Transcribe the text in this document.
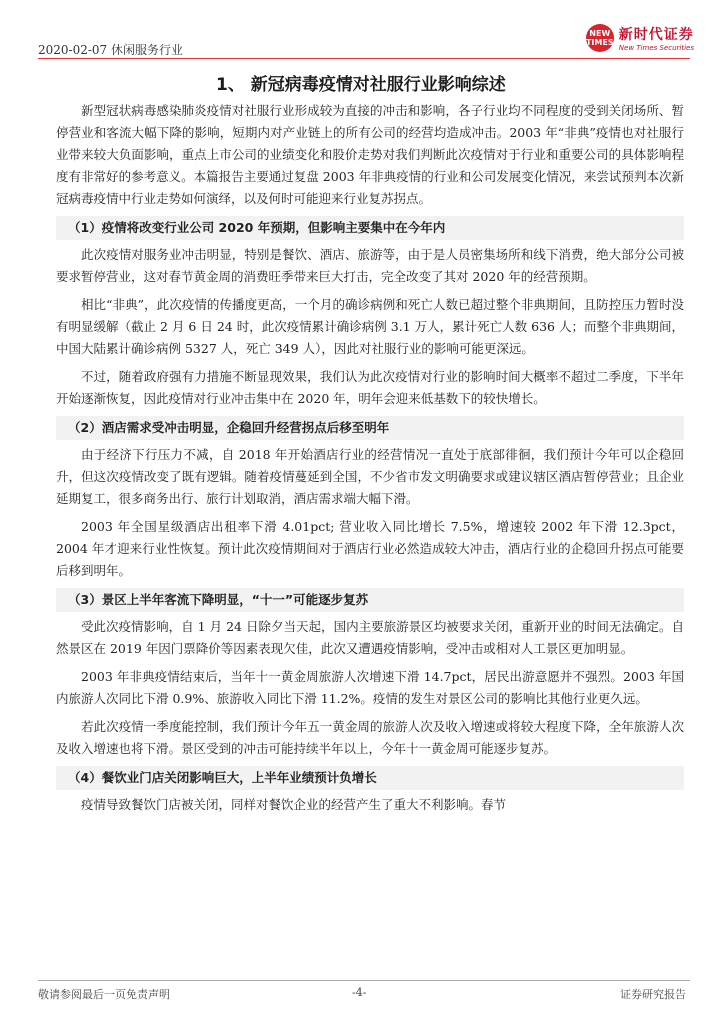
2020-02-07 休闲服务行业
NEW TIMES 新时代证券
New Times Securities
1、 新冠病毒疫情对社服行业影响综述

新型冠状病毒感染肺炎疫情对社服行业形成较为直接的冲击和影响，各子行业均不同程度的受到关闭场所、暂停营业和客流大幅下降的影响，短期内对产业链上的所有公司的经营均造成冲击。2003 年“非典”疫情也对社服行业带来较大负面影响，重点上市公司的业绩变化和股价走势对我们判断此次疫情对于行业和重要公司的具体影响程度有非常好的参考意义。本篇报告主要通过复盘 2003 年非典疫情的行业和公司发展变化情况，来尝试预判本次新冠病毒疫情中行业走势如何演绎，以及何时可能迎来行业复苏拐点。

（1）疫情将改变行业公司 2020 年预期，但影响主要集中在今年内

此次疫情对服务业冲击明显，特别是餐饮、酒店、旅游等，由于是人员密集场所和线下消费，绝大部分公司被要求暂停营业，这对春节黄金周的消费旺季带来巨大打击，完全改变了其对 2020 年的经营预期。

相比“非典”，此次疫情的传播度更高，一个月的确诊病例和死亡人数已超过整个非典期间，且防控压力暂时没有明显缓解（截止 2 月 6 日 24 时，此次疫情累计确诊病例 3.1 万人，累计死亡人数 636 人；而整个非典期间，中国大陆累计确诊病例 5327 人，死亡 349 人），因此对社服行业的影响可能更深远。

不过，随着政府强有力措施不断显现效果，我们认为此次疫情对行业的影响时间大概率不超过二季度，下半年开始逐渐恢复，因此疫情对行业冲击集中在 2020 年，明年会迎来低基数下的较快增长。

（2）酒店需求受冲击明显，企稳回升经营拐点后移至明年

由于经济下行压力不减，自 2018 年开始酒店行业的经营情况一直处于底部徘徊，我们预计今年可以企稳回升，但这次疫情改变了既有逻辑。随着疫情蔓延到全国，不少省市发文明确要求或建议辖区酒店暂停营业；且企业延期复工，很多商务出行、旅行计划取消，酒店需求端大幅下滑。

2003 年全国星级酒店出租率下滑 4.01pct; 营业收入同比增长 7.5%，增速较 2002 年下滑 12.3pct，2004 年才迎来行业性恢复。预计此次疫情期间对于酒店行业必然造成较大冲击，酒店行业的企稳回升拐点可能要后移到明年。

（3）景区上半年客流下降明显，“十一”可能逐步复苏

受此次疫情影响，自 1 月 24 日除夕当天起，国内主要旅游景区均被要求关闭，重新开业的时间无法确定。自然景区在 2019 年因门票降价等因素表现欠佳，此次又遭遇疫情影响，受冲击或相对人工景区更加明显。

2003 年非典疫情结束后，当年十一黄金周旅游人次增速下滑 14.7pct，居民出游意愿并不强烈。2003 年国内旅游人次同比下滑 0.9%、旅游收入同比下滑 11.2%。疫情的发生对景区公司的影响比其他行业更久远。

若此次疫情一季度能控制，我们预计今年五一黄金周的旅游人次及收入增速或将较大程度下降，全年旅游人次及收入增速也将下滑。景区受到的冲击可能持续半年以上，今年十一黄金周可能逐步复苏。

（4）餐饮业门店关闭影响巨大，上半年业绩预计负增长

疫情导致餐饮门店被关闭，同样对餐饮企业的经营产生了重大不利影响。春节

敬请参阅最后一页免责声明	-4-	证券研究报告
